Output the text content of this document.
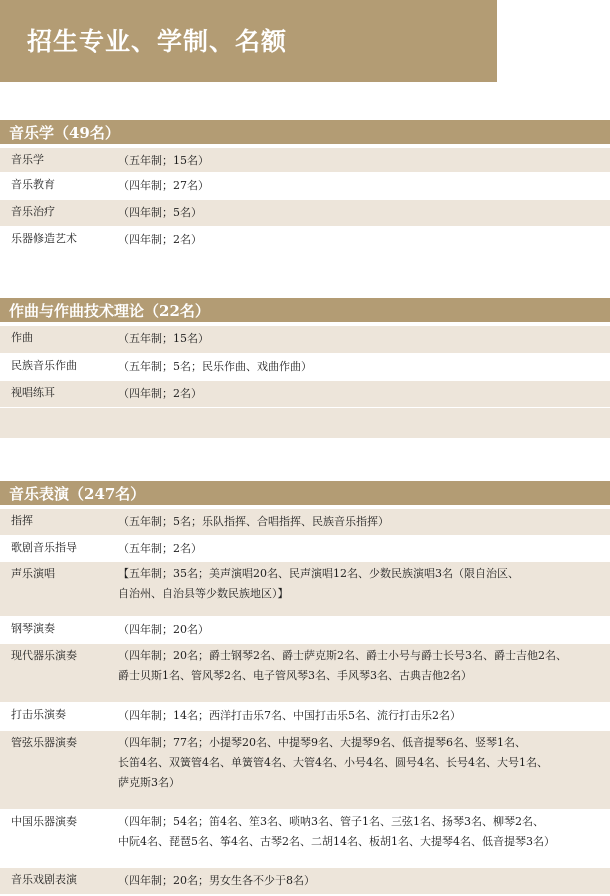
招生专业、学制、名额
音乐学（49名）
音乐学	（五年制；15名）
音乐教育	（四年制；27名）
音乐治疗	（四年制；5名）
乐器修造艺术	（四年制；2名）
作曲与作曲技术理论（22名）
作曲	（五年制；15名）
民族音乐作曲	（五年制；5名；民乐作曲、戏曲作曲）
视唱练耳	（四年制；2名）
音乐表演（247名）
指挥	（五年制；5名；乐队指挥、合唱指挥、民族音乐指挥）
歌剧音乐指导	（五年制；2名）
声乐演唱	【五年制；35名；美声演唱20名、民声演唱12名、少数民族演唱3名（限自治区、
自治州、自治县等少数民族地区）】
钢琴演奏	（四年制；20名）
现代器乐演奏	（四年制；20名；爵士钢琴2名、爵士萨克斯2名、爵士小号与爵士长号3名、爵士吉他2名、
爵士贝斯1名、管风琴2名、电子管风琴3名、手风琴3名、古典吉他2名）
打击乐演奏	（四年制；14名；西洋打击乐7名、中国打击乐5名、流行打击乐2名）
管弦乐器演奏	（四年制；77名；小提琴20名、中提琴9名、大提琴9名、低音提琴6名、竖琴1名、
长笛4名、双簧管4名、单簧管4名、大管4名、小号4名、圆号4名、长号4名、大号1名、
萨克斯3名）
中国乐器演奏	（四年制；54名；笛4名、笙3名、唢呐3名、管子1名、三弦1名、扬琴3名、柳琴2名、
中阮4名、琵琶5名、筝4名、古琴2名、二胡14名、板胡1名、大提琴4名、低音提琴3名）
音乐戏剧表演	（四年制；20名；男女生各不少于8名）
